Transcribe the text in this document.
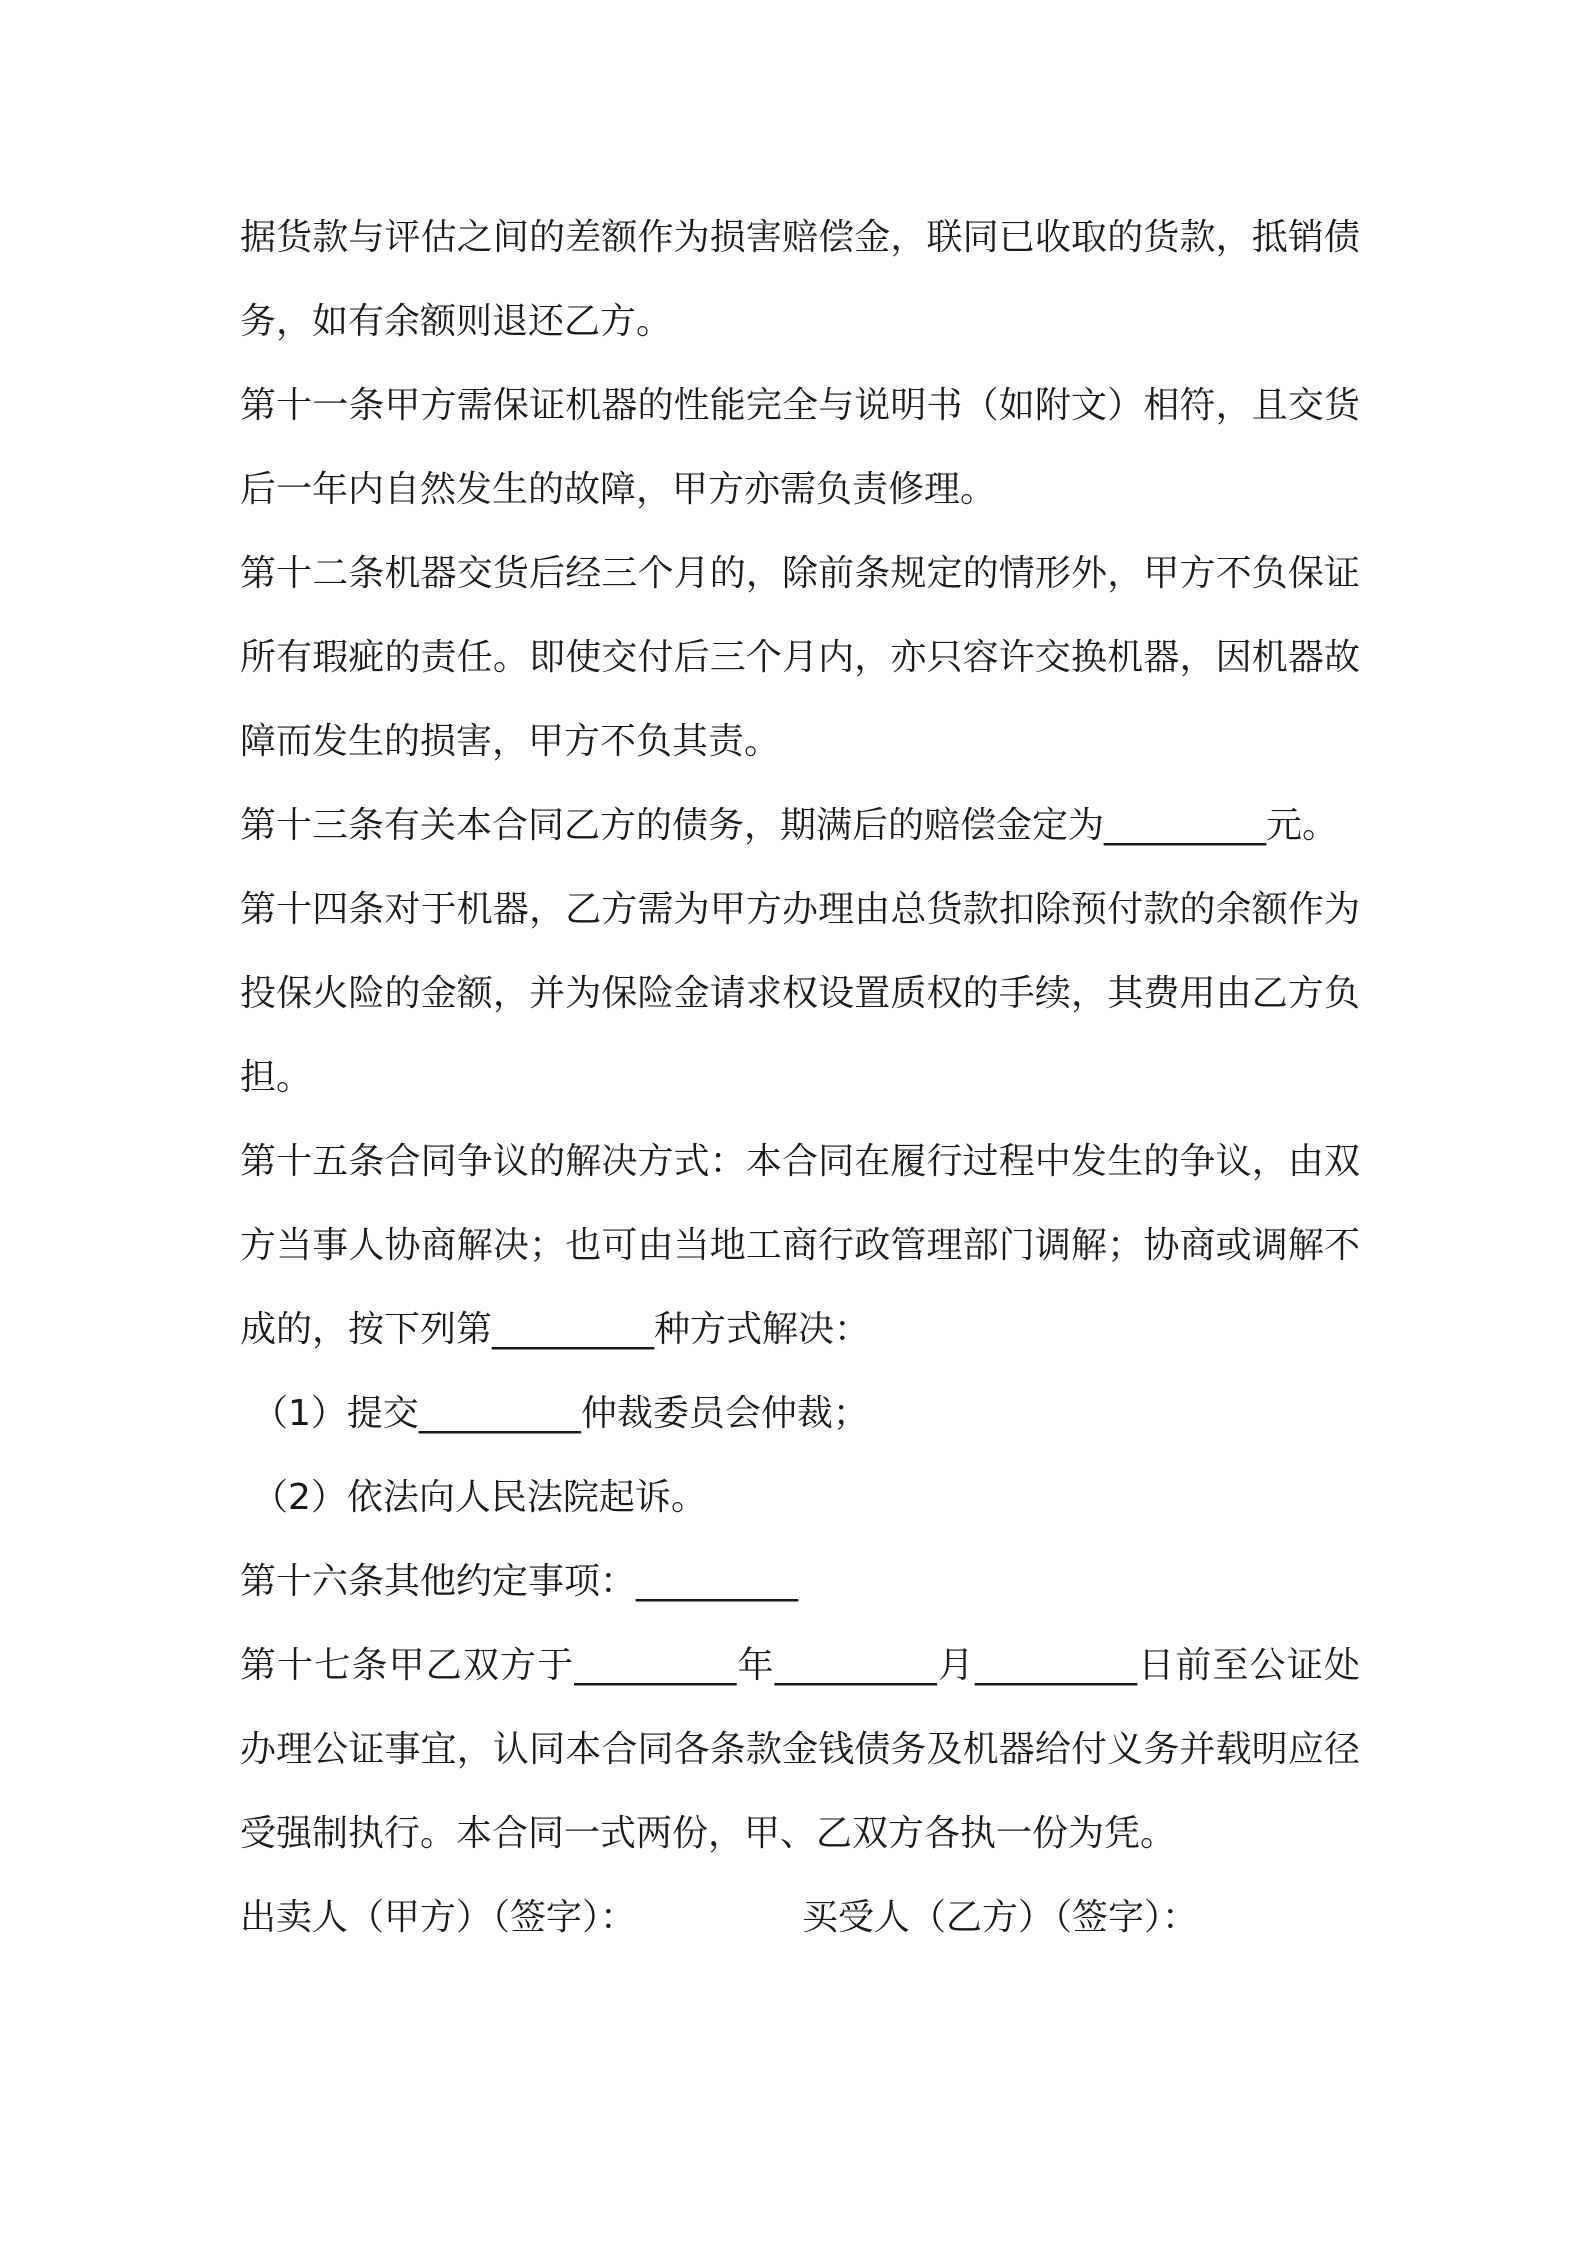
据货款与评估之间的差额作为损害赔偿金，联同已收取的货款，抵销债务，如有余额则退还乙方。

第十一条甲方需保证机器的性能完全与说明书（如附文）相符，且交货后一年内自然发生的故障，甲方亦需负责修理。

第十二条机器交货后经三个月的，除前条规定的情形外，甲方不负保证所有瑕疵的责任。即使交付后三个月内，亦只容许交换机器，因机器故障而发生的损害，甲方不负其责。

第十三条有关本合同乙方的债务，期满后的赔偿金定为_________元。

第十四条对于机器，乙方需为甲方办理由总货款扣除预付款的余额作为投保火险的金额，并为保险金请求权设置质权的手续，其费用由乙方负担。

第十五条合同争议的解决方式：本合同在履行过程中发生的争议，由双方当事人协商解决；也可由当地工商行政管理部门调解；协商或调解不成的，按下列第_________种方式解决：

（1）提交_________仲裁委员会仲裁；

（2）依法向人民法院起诉。

第十六条其他约定事项：_________

第十七条甲乙双方于_________年_________月_________日前至公证处办理公证事宜，认同本合同各条款金钱债务及机器给付义务并载明应径受强制执行。本合同一式两份，甲、乙双方各执一份为凭。

出卖人（甲方）（签字）：	买受人（乙方）（签字）：
